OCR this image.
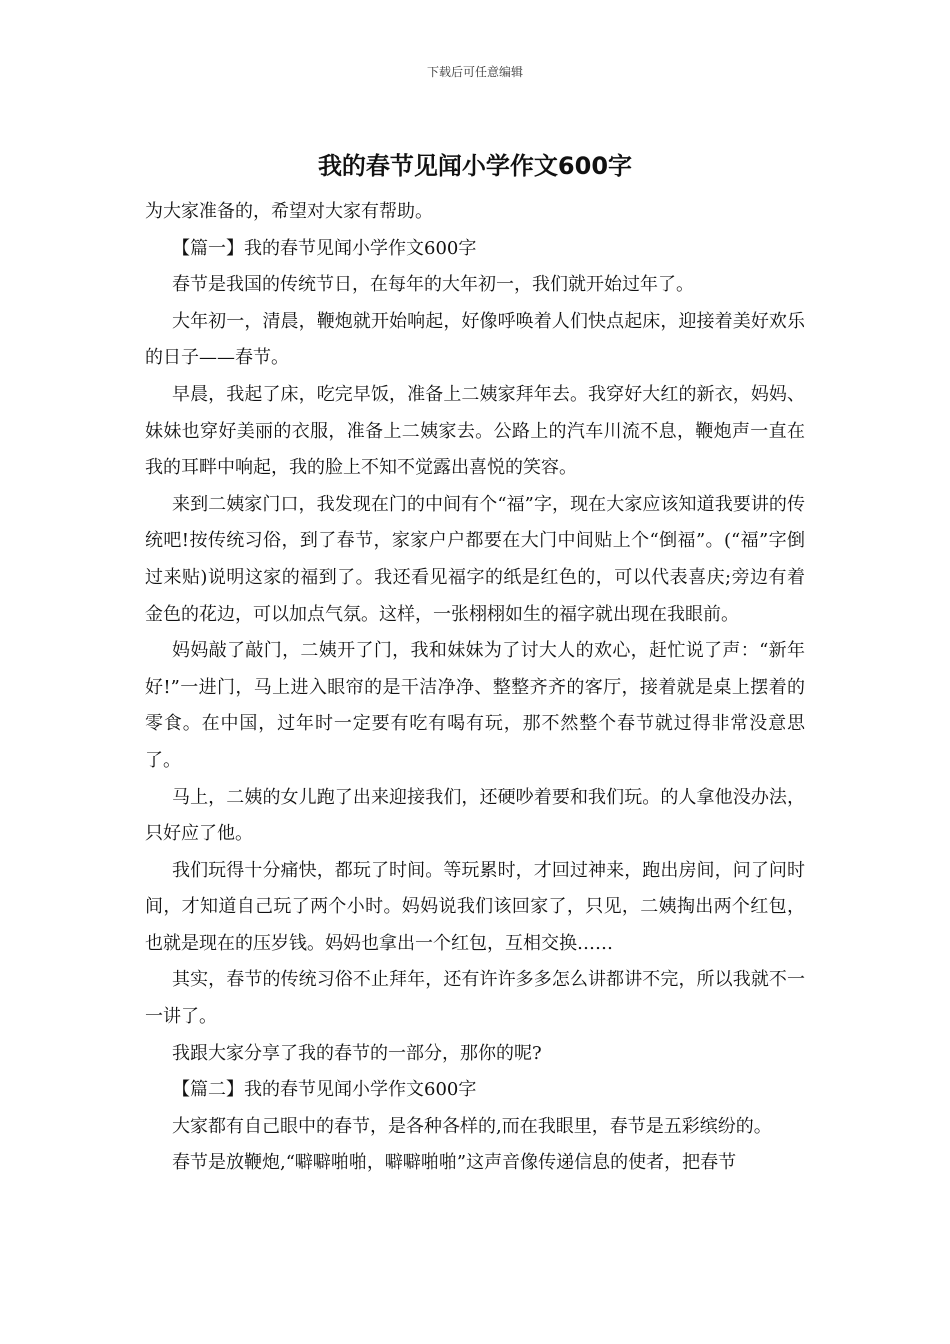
下载后可任意编辑
我的春节见闻小学作文600字

为大家准备的，希望对大家有帮助。

【篇一】我的春节见闻小学作文600字

春节是我国的传统节日，在每年的大年初一，我们就开始过年了。

大年初一，清晨，鞭炮就开始响起，好像呼唤着人们快点起床，迎接着美好欢乐的日子——春节。

早晨，我起了床，吃完早饭，准备上二姨家拜年去。我穿好大红的新衣，妈妈、妹妹也穿好美丽的衣服，准备上二姨家去。公路上的汽车川流不息，鞭炮声一直在我的耳畔中响起，我的脸上不知不觉露出喜悦的笑容。

来到二姨家门口，我发现在门的中间有个“福”字，现在大家应该知道我要讲的传统吧!按传统习俗，到了春节，家家户户都要在大门中间贴上个“倒福”。(“福”字倒过来贴)说明这家的福到了。我还看见福字的纸是红色的，可以代表喜庆;旁边有着金色的花边，可以加点气氛。这样，一张栩栩如生的福字就出现在我眼前。

妈妈敲了敲门，二姨开了门，我和妹妹为了讨大人的欢心，赶忙说了声：“新年好!”一进门，马上进入眼帘的是干洁净净、整整齐齐的客厅，接着就是桌上摆着的零食。在中国，过年时一定要有吃有喝有玩，那不然整个春节就过得非常没意思了。

马上，二姨的女儿跑了出来迎接我们，还硬吵着要和我们玩。的人拿他没办法，只好应了他。

我们玩得十分痛快，都玩了时间。等玩累时，才回过神来，跑出房间，问了问时间，才知道自己玩了两个小时。妈妈说我们该回家了，只见，二姨掏出两个红包，也就是现在的压岁钱。妈妈也拿出一个红包，互相交换……

其实，春节的传统习俗不止拜年，还有许许多多怎么讲都讲不完，所以我就不一一讲了。

我跟大家分享了我的春节的一部分，那你的呢?

【篇二】我的春节见闻小学作文600字

大家都有自己眼中的春节，是各种各样的,而在我眼里，春节是五彩缤纷的。

春节是放鞭炮,“噼噼啪啪，噼噼啪啪”这声音像传递信息的使者，把春节
